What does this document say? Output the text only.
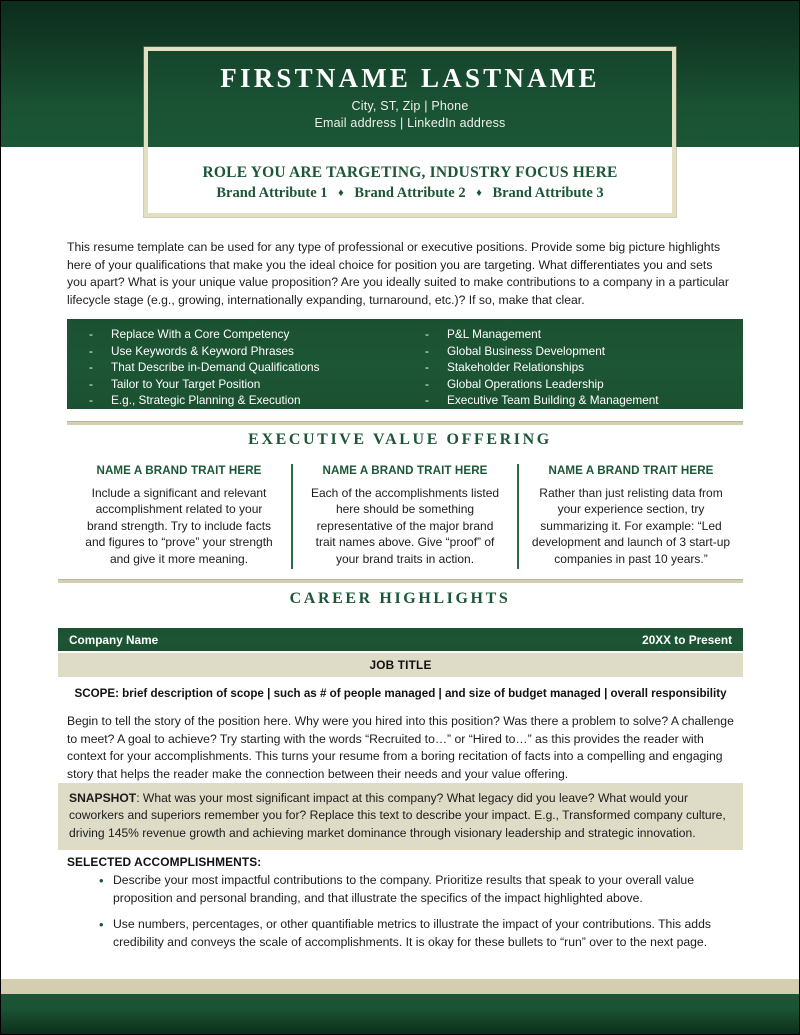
FIRSTNAME LASTNAME
City, ST, Zip | Phone
Email address | LinkedIn address
ROLE YOU ARE TARGETING, INDUSTRY FOCUS HERE
Brand Attribute 1 ♦ Brand Attribute 2 ♦ Brand Attribute 3
This resume template can be used for any type of professional or executive positions. Provide some big picture highlights here of your qualifications that make you the ideal choice for position you are targeting. What differentiates you and sets you apart? What is your unique value proposition? Are you ideally suited to make contributions to a company in a particular lifecycle stage (e.g., growing, internationally expanding, turnaround, etc.)? If so, make that clear.
-	Replace With a Core Competency
-	Use Keywords & Keyword Phrases
-	That Describe in-Demand Qualifications
-	Tailor to Your Target Position
-	E.g., Strategic Planning & Execution
-	P&L Management
-	Global Business Development
-	Stakeholder Relationships
-	Global Operations Leadership
-	Executive Team Building & Management
EXECUTIVE VALUE OFFERING
NAME A BRAND TRAIT HERE
Include a significant and relevant accomplishment related to your brand strength. Try to include facts and figures to “prove” your strength and give it more meaning.
NAME A BRAND TRAIT HERE
Each of the accomplishments listed here should be something representative of the major brand trait names above. Give “proof” of your brand traits in action.
NAME A BRAND TRAIT HERE
Rather than just relisting data from your experience section, try summarizing it. For example: “Led development and launch of 3 start-up companies in past 10 years.”
CAREER HIGHLIGHTS
Company Name	20XX to Present
JOB TITLE
SCOPE: brief description of scope | such as # of people managed | and size of budget managed | overall responsibility
Begin to tell the story of the position here. Why were you hired into this position? Was there a problem to solve? A challenge to meet? A goal to achieve? Try starting with the words “Recruited to…” or “Hired to…” as this provides the reader with context for your accomplishments. This turns your resume from a boring recitation of facts into a compelling and engaging story that helps the reader make the connection between their needs and your value offering.
SNAPSHOT: What was your most significant impact at this company? What legacy did you leave? What would your coworkers and superiors remember you for? Replace this text to describe your impact. E.g., Transformed company culture, driving 145% revenue growth and achieving market dominance through visionary leadership and strategic innovation.
SELECTED ACCOMPLISHMENTS:
• Describe your most impactful contributions to the company. Prioritize results that speak to your overall value proposition and personal branding, and that illustrate the specifics of the impact highlighted above.
• Use numbers, percentages, or other quantifiable metrics to illustrate the impact of your contributions. This adds credibility and conveys the scale of accomplishments. It is okay for these bullets to “run” over to the next page.
